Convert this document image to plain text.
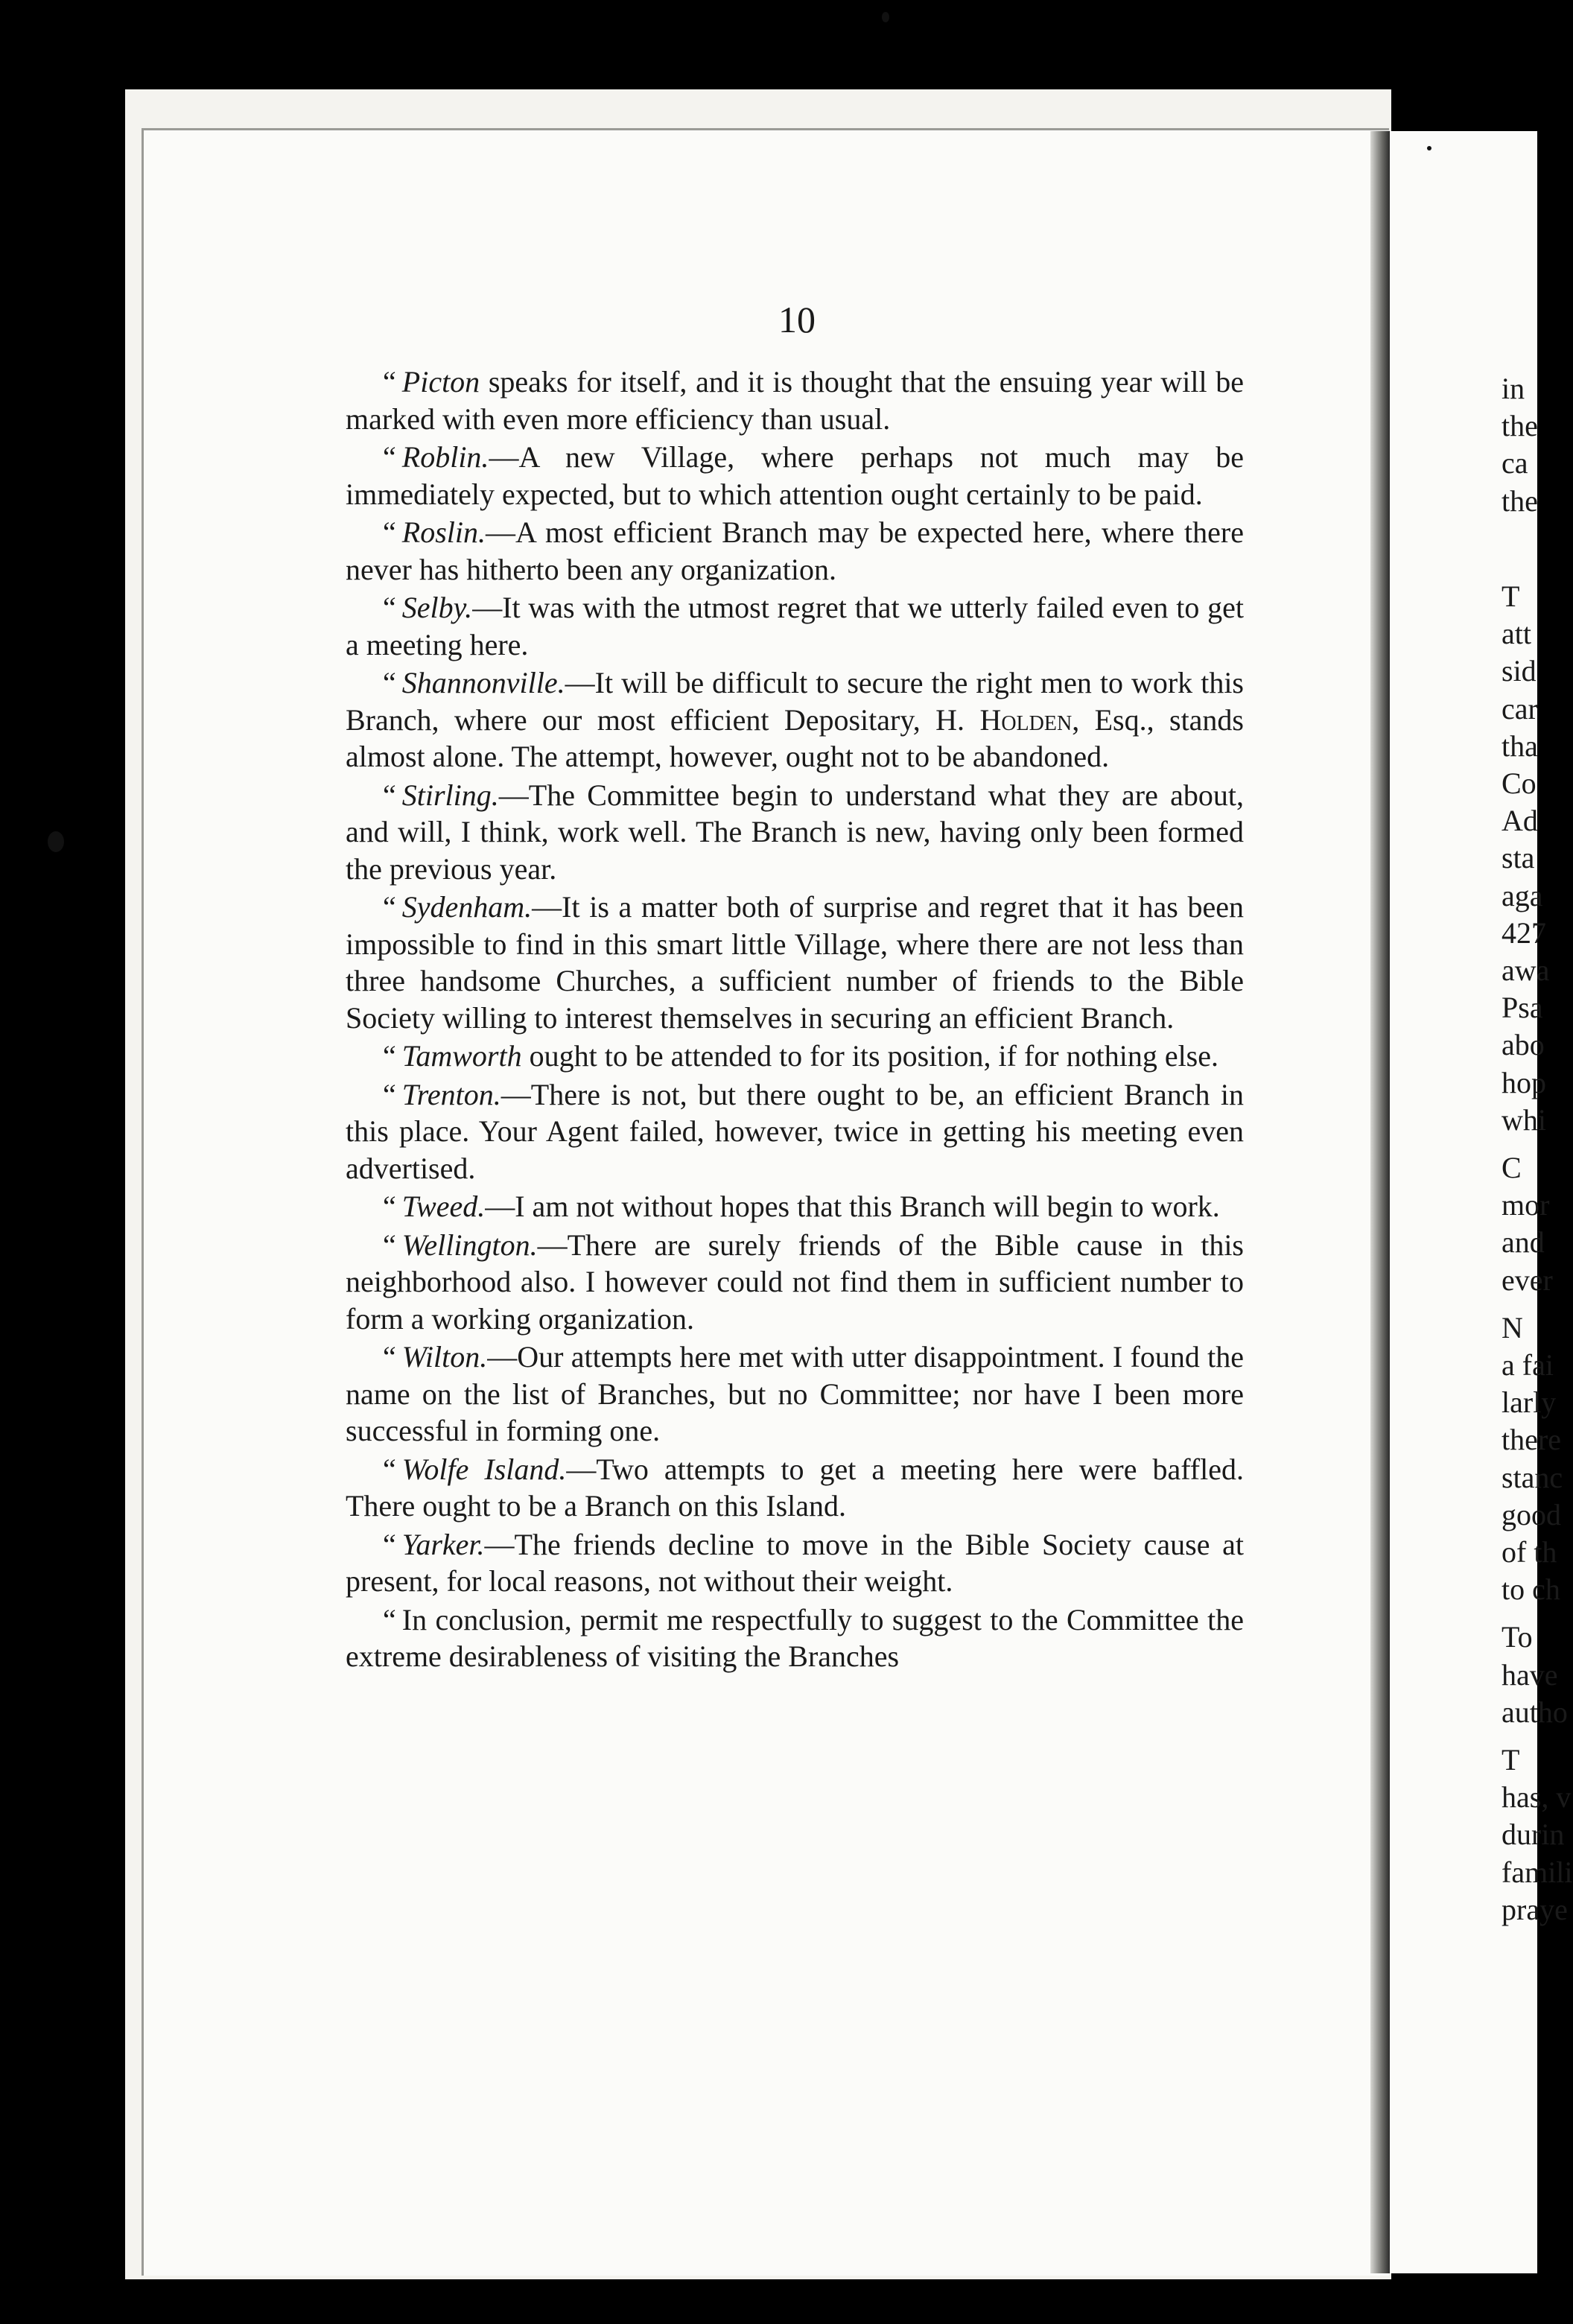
10

“ Picton speaks for itself, and it is thought that the ensuing year will be marked with even more efficiency than usual.

“ Roblin.—A new Village, where perhaps not much may be immediately expected, but to which attention ought certainly to be paid.

“ Roslin.—A most efficient Branch may be expected here, where there never has hitherto been any organization.

“ Selby.—It was with the utmost regret that we utterly failed even to get a meeting here.

“ Shannonville.—It will be difficult to secure the right men to work this Branch, where our most efficient Depositary, H. Holden, Esq., stands almost alone. The attempt, however, ought not to be abandoned.

“ Stirling.—The Committee begin to understand what they are about, and will, I think, work well. The Branch is new, having only been formed the previous year.

“ Sydenham.—It is a matter both of surprise and regret that it has been impossible to find in this smart little Village, where there are not less than three handsome Churches, a sufficient number of friends to the Bible Society willing to interest themselves in securing an efficient Branch.

“ Tamworth ought to be attended to for its position, if for nothing else.

“ Trenton.—There is not, but there ought to be, an efficient Branch in this place. Your Agent failed, however, twice in getting his meeting even advertised.

“ Tweed.—I am not without hopes that this Branch will begin to work.

“ Wellington.—There are surely friends of the Bible cause in this neighborhood also. I however could not find them in sufficient number to form a working organization.

“ Wilton.—Our attempts here met with utter disappointment. I found the name on the list of Branches, but no Committee; nor have I been more successful in forming one.

“ Wolfe Island.—Two attempts to get a meeting here were baffled. There ought to be a Branch on this Island.

“ Yarker.—The friends decline to move in the Bible Society cause at present, for local reasons, not without their weight.

“ In conclusion, permit me respectfully to suggest to the Committee the extreme desirableness of visiting the Branches

in
the
ca
the
T
att
sid
car
tha
Co
Ad
sta
aga
427
awa
Psa
abo
hop
whi
C
mor
and
ever
N
a fai
larly
there
stanc
good
of th
to ch
To
have
autho
T
has, v
durin
famili
praye
